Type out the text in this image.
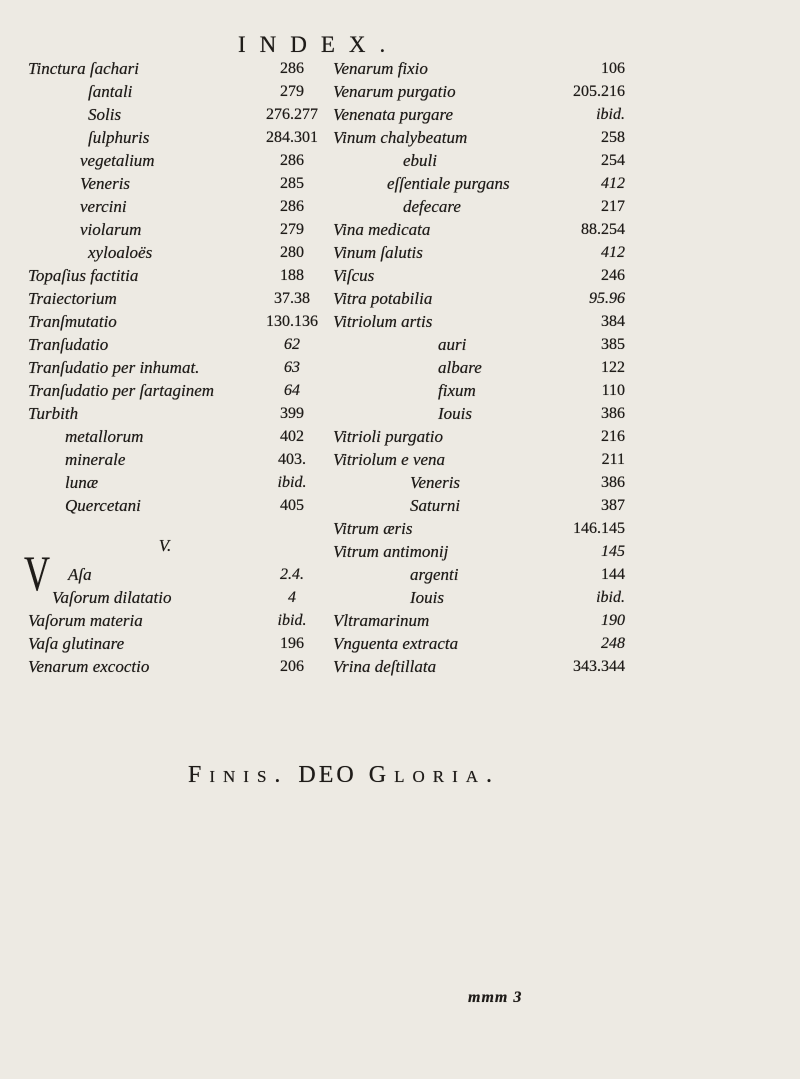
INDEX.
Tinctura ſachari	286
ſantali	279
Solis	276.277
ſulphuris	284.301
vegetalium	286
Veneris	285
vercini	286
violarum	279
xyloaloës	280
Topaſius factitia	188
Traiectorium	37.38
Tranſmutatio	130.136
Tranſudatio	62
Tranſudatio per inhumat.	63
Tranſudatio per ſartaginem	64
Turbith	399
metallorum	402
minerale	403.
lunæ	ibid.
Quercetani	405
V.
V Aſa	2.4.
Vaſorum dilatatio	4
Vaſorum materia	ibid.
Vaſa glutinare	196
Venarum excoctio	206
Venarum fixio	106
Venarum purgatio	205.216
Venenata purgare	ibid.
Vinum chalybeatum	258
ebuli	254
eſſentiale purgans	412
defecare	217
Vina medicata	88.254
Vinum ſalutis	412
Viſcus	246
Vitra potabilia	95.96
Vitriolum artis	384
auri	385
albare	122
fixum	110
Iouis	386
Vitrioli purgatio	216
Vitriolum e vena	211
Veneris	386
Saturni	387
Vitrum æris	146.145
Vitrum antimonij	145
argenti	144
Iouis	ibid.
Vltramarinum	190
Vnguenta extracta	248
Vrina deſtillata	343.344
Finis. DEO Gloria.
mmm 3
